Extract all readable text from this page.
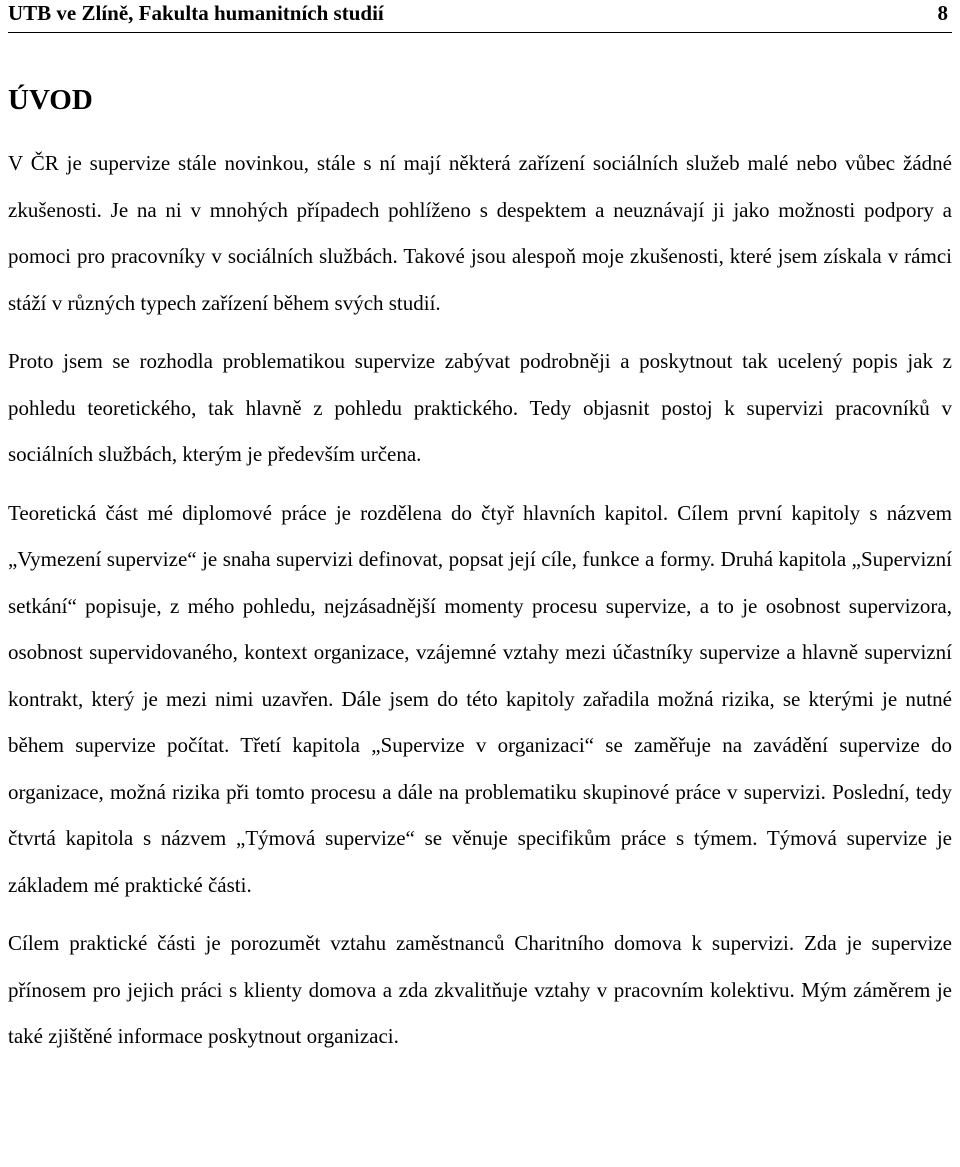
UTB ve Zlíně, Fakulta humanitních studií	8
ÚVOD

V ČR je supervize stále novinkou, stále s ní mají některá zařízení sociálních služeb malé nebo vůbec žádné zkušenosti. Je na ni v mnohých případech pohlíženo s despektem a neuznávají ji jako možnosti podpory a pomoci pro pracovníky v sociálních službách. Takové jsou alespoň moje zkušenosti, které jsem získala v rámci stáží v různých typech zařízení během svých studií.

Proto jsem se rozhodla problematikou supervize zabývat podrobněji a poskytnout tak ucelený popis jak z pohledu teoretického, tak hlavně z pohledu praktického. Tedy objasnit postoj k supervizi pracovníků v sociálních službách, kterým je především určena.

Teoretická část mé diplomové práce je rozdělena do čtyř hlavních kapitol. Cílem první kapitoly s názvem „Vymezení supervize“ je snaha supervizi definovat, popsat její cíle, funkce a formy. Druhá kapitola „Supervizní setkání“ popisuje, z mého pohledu, nejzásadnější momenty procesu supervize, a to je osobnost supervizora, osobnost supervidovaného, kontext organizace, vzájemné vztahy mezi účastníky supervize a hlavně supervizní kontrakt, který je mezi nimi uzavřen. Dále jsem do této kapitoly zařadila možná rizika, se kterými je nutné během supervize počítat. Třetí kapitola „Supervize v organizaci“ se zaměřuje na zavádění supervize do organizace, možná rizika při tomto procesu a dále na problematiku skupinové práce v supervizi. Poslední, tedy čtvrtá kapitola s názvem „Týmová supervize“ se věnuje specifikům práce s týmem. Týmová supervize je základem mé praktické části.

Cílem praktické části je porozumět vztahu zaměstnanců Charitního domova k supervizi. Zda je supervize přínosem pro jejich práci s klienty domova a zda zkvalitňuje vztahy v pracovním kolektivu. Mým záměrem je také zjištěné informace poskytnout organizaci.
